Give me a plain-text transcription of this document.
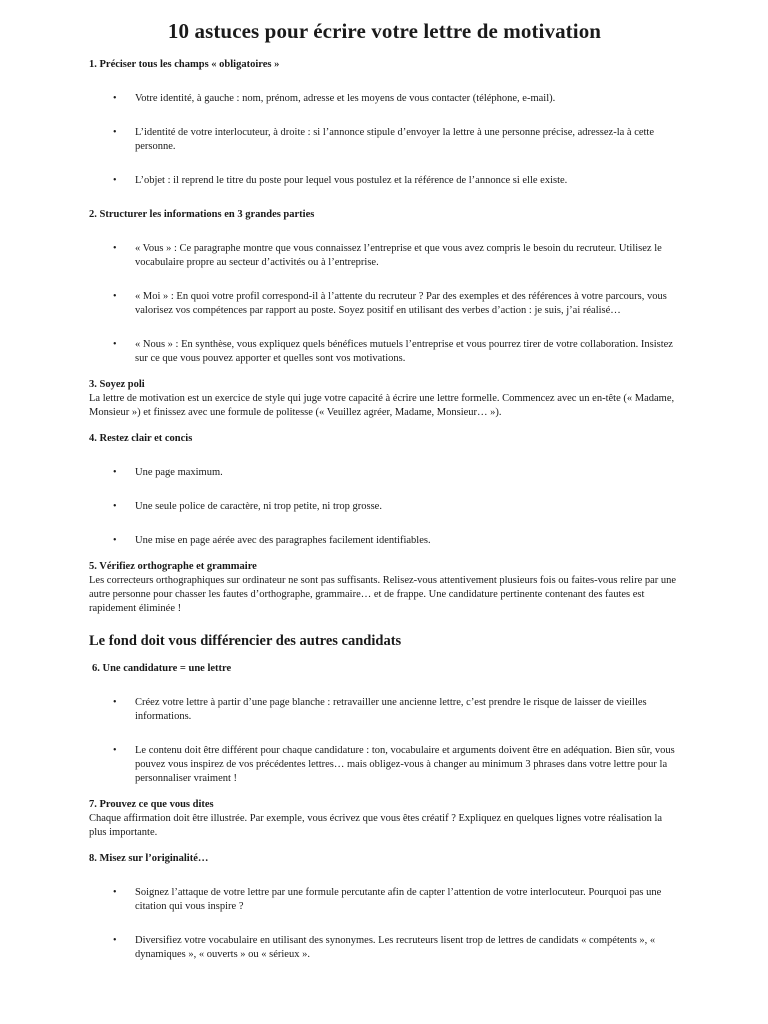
10 astuces pour écrire votre lettre de motivation

1. Préciser tous les champs « obligatoires »

• Votre identité, à gauche : nom, prénom, adresse et les moyens de vous contacter (téléphone, e-mail).
• L’identité de votre interlocuteur, à droite : si l’annonce stipule d’envoyer la lettre à une personne précise, adressez-la à cette personne.
• L’objet : il reprend le titre du poste pour lequel vous postulez et la référence de l’annonce si elle existe.

2. Structurer les informations en 3 grandes parties

• « Vous » : Ce paragraphe montre que vous connaissez l’entreprise et que vous avez compris le besoin du recruteur. Utilisez le vocabulaire propre au secteur d’activités ou à l’entreprise.
• « Moi » : En quoi votre profil correspond-il à l’attente du recruteur ? Par des exemples et des références à votre parcours, vous valorisez vos compétences par rapport au poste. Soyez positif en utilisant des verbes d’action : je suis, j’ai réalisé…
• « Nous » : En synthèse, vous expliquez quels bénéfices mutuels l’entreprise et vous pourrez tirer de votre collaboration. Insistez sur ce que vous pouvez apporter et quelles sont vos motivations.

3. Soyez poli

La lettre de motivation est un exercice de style qui juge votre capacité à écrire une lettre formelle. Commencez avec un en-tête (« Madame, Monsieur ») et finissez avec une formule de politesse (« Veuillez agréer, Madame, Monsieur… »).

4. Restez clair et concis

• Une page maximum.
• Une seule police de caractère, ni trop petite, ni trop grosse.
• Une mise en page aérée avec des paragraphes facilement identifiables.

5. Vérifiez orthographe et grammaire

Les correcteurs orthographiques sur ordinateur ne sont pas suffisants. Relisez-vous attentivement plusieurs fois ou faites-vous relire par une autre personne pour chasser les fautes d’orthographe, grammaire… et de frappe. Une candidature pertinente contenant des fautes est rapidement éliminée !

Le fond doit vous différencier des autres candidats

6. Une candidature = une lettre

• Créez votre lettre à partir d’une page blanche : retravailler une ancienne lettre, c’est prendre le risque de laisser de vieilles informations.
• Le contenu doit être différent pour chaque candidature : ton, vocabulaire et arguments doivent être en adéquation. Bien sûr, vous pouvez vous inspirez de vos précédentes lettres… mais obligez-vous à changer au minimum 3 phrases dans votre lettre pour la personnaliser vraiment !

7. Prouvez ce que vous dites

Chaque affirmation doit être illustrée. Par exemple, vous écrivez que vous êtes créatif ? Expliquez en quelques lignes votre réalisation la plus importante.

8. Misez sur l’originalité…

• Soignez l’attaque de votre lettre par une formule percutante afin de capter l’attention de votre interlocuteur. Pourquoi pas une citation qui vous inspire ?
• Diversifiez votre vocabulaire en utilisant des synonymes. Les recruteurs lisent trop de lettres de candidats « compétents », « dynamiques », « ouverts » ou « sérieux ».
